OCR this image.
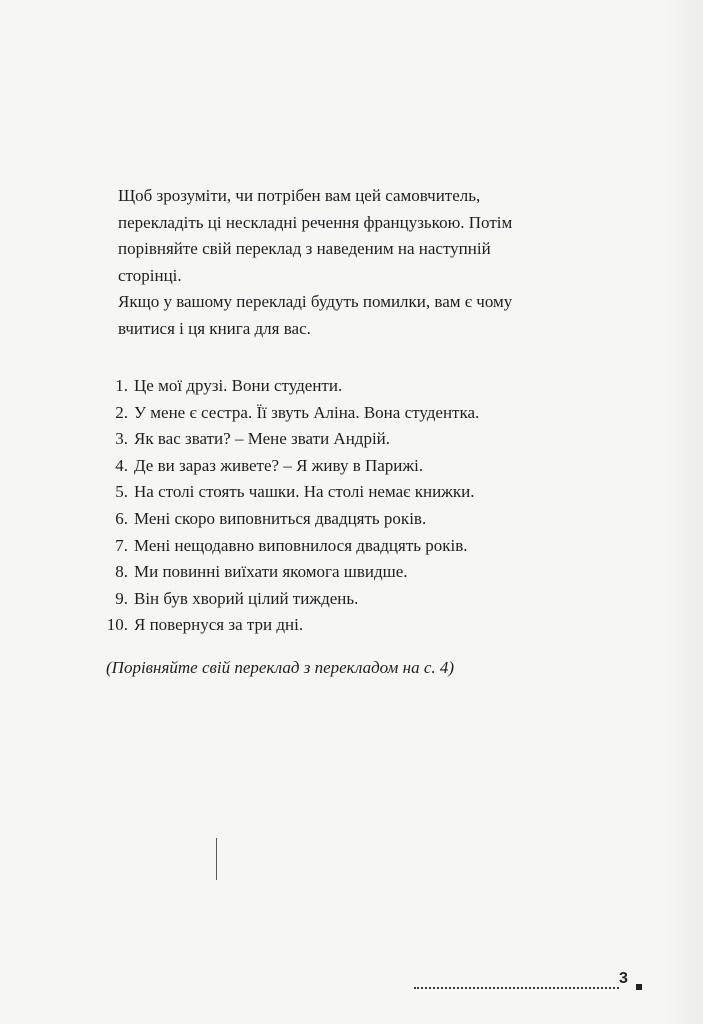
Щоб зрозуміти, чи потрібен вам цей самовчитель,
перекладіть ці нескладні речення французькою. Потім
порівняйте свій переклад з наведеним на наступній
сторінці.
Якщо у вашому перекладі будуть помилки, вам є чому
вчитися і ця книга для вас.
1. Це мої друзі. Вони студенти.
2. У мене є сестра. Її звуть Аліна. Вона студентка.
3. Як вас звати? – Мене звати Андрій.
4. Де ви зараз живете? – Я живу в Парижі.
5. На столі стоять чашки. На столі немає книжки.
6. Мені скоро виповниться двадцять років.
7. Мені нещодавно виповнилося двадцять років.
8. Ми повинні виїхати якомога швидше.
9. Він був хворий цілий тиждень.
10. Я повернуся за три дні.
(Порівняйте свій переклад з перекладом на с. 4)
3
